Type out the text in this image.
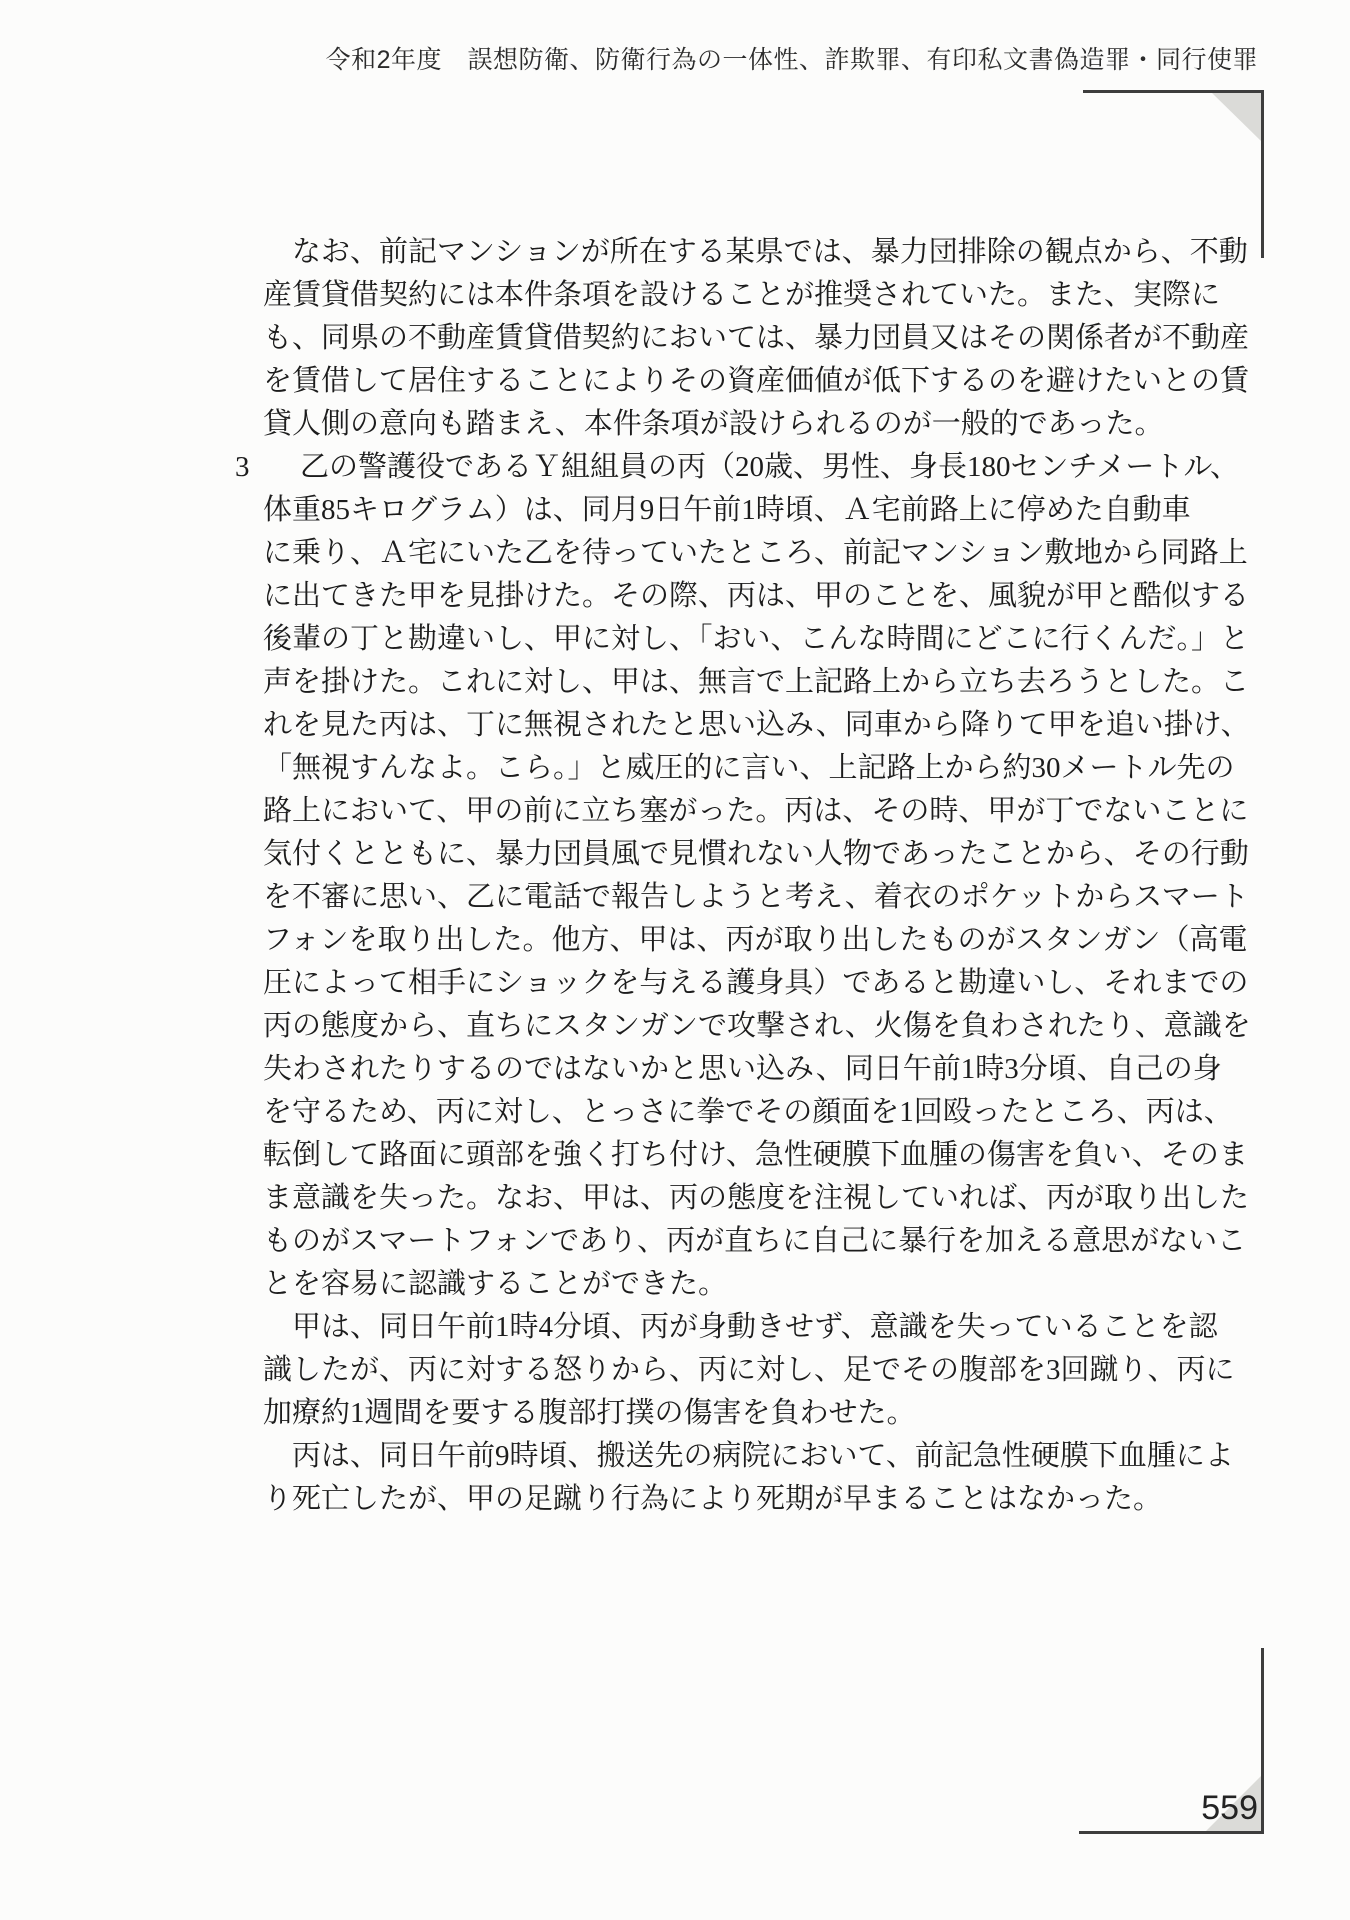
令和2年度　誤想防衛、防衛行為の一体性、詐欺罪、有印私文書偽造罪・同行使罪
　なお、前記マンションが所在する某県では、暴力団排除の観点から、不動
産賃貸借契約には本件条項を設けることが推奨されていた。また、実際に
も、同県の不動産賃貸借契約においては、暴力団員又はその関係者が不動産
を賃借して居住することによりその資産価値が低下するのを避けたいとの賃
貸人側の意向も踏まえ、本件条項が設けられるのが一般的であった。
3 乙の警護役であるＹ組組員の丙（20歳、男性、身長180センチメートル、
体重85キログラム）は、同月9日午前1時頃、Ａ宅前路上に停めた自動車
に乗り、Ａ宅にいた乙を待っていたところ、前記マンション敷地から同路上
に出てきた甲を見掛けた。その際、丙は、甲のことを、風貌が甲と酷似する
後輩の丁と勘違いし、甲に対し、「おい、こんな時間にどこに行くんだ。」と
声を掛けた。これに対し、甲は、無言で上記路上から立ち去ろうとした。こ
れを見た丙は、丁に無視されたと思い込み、同車から降りて甲を追い掛け、
「無視すんなよ。こら。」と威圧的に言い、上記路上から約30メートル先の
路上において、甲の前に立ち塞がった。丙は、その時、甲が丁でないことに
気付くとともに、暴力団員風で見慣れない人物であったことから、その行動
を不審に思い、乙に電話で報告しようと考え、着衣のポケットからスマート
フォンを取り出した。他方、甲は、丙が取り出したものがスタンガン（高電
圧によって相手にショックを与える護身具）であると勘違いし、それまでの
丙の態度から、直ちにスタンガンで攻撃され、火傷を負わされたり、意識を
失わされたりするのではないかと思い込み、同日午前1時3分頃、自己の身
を守るため、丙に対し、とっさに拳でその顔面を1回殴ったところ、丙は、
転倒して路面に頭部を強く打ち付け、急性硬膜下血腫の傷害を負い、そのま
ま意識を失った。なお、甲は、丙の態度を注視していれば、丙が取り出した
ものがスマートフォンであり、丙が直ちに自己に暴行を加える意思がないこ
とを容易に認識することができた。
　甲は、同日午前1時4分頃、丙が身動きせず、意識を失っていることを認
識したが、丙に対する怒りから、丙に対し、足でその腹部を3回蹴り、丙に
加療約1週間を要する腹部打撲の傷害を負わせた。
　丙は、同日午前9時頃、搬送先の病院において、前記急性硬膜下血腫によ
り死亡したが、甲の足蹴り行為により死期が早まることはなかった。
559
